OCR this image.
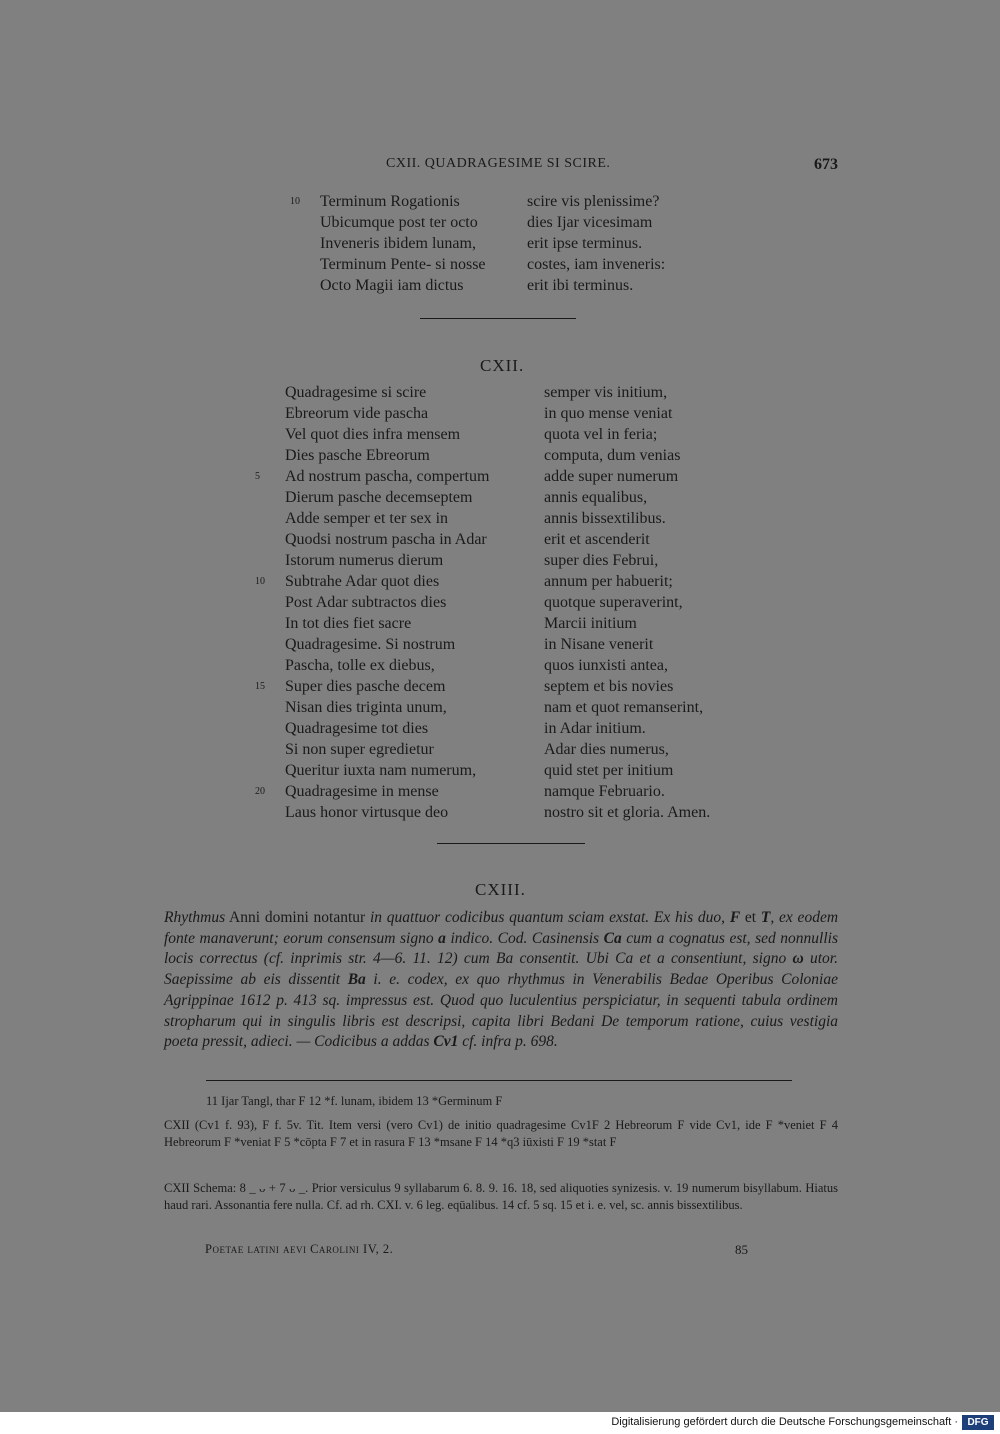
CXII. QUADRAGESIME SI SCIRE.	673
10 Terminum Rogationis	scire vis plenissime?
Ubicumque post ter octo	dies Ijar vicesimam
Inveneris ibidem lunam,	erit ipse terminus.
Terminum Pente- si nosse	costes, iam inveneris:
Octo Magii iam dictus	erit ibi terminus.
CXII.
Quadragesime si scire	semper vis initium,
Ebreorum vide pascha	in quo mense veniat
Vel quot dies infra mensem	quota vel in feria;
Dies pasche Ebreorum	computa, dum venias
5 Ad nostrum pascha, compertum	adde super numerum
Dierum pasche decemseptem	annis equalibus,
Adde semper et ter sex in	annis bissextilibus.
Quodsi nostrum pascha in Adar	erit et ascenderit
Istorum numerus dierum	super dies Februi,
10 Subtrahe Adar quot dies	annum per habuerit;
Post Adar subtractos dies	quotque superaverint,
In tot dies fiet sacre	Marcii initium
Quadragesime. Si nostrum	in Nisane venerit
Pascha, tolle ex diebus,	quos iunxisti antea,
15 Super dies pasche decem	septem et bis novies
Nisan dies triginta unum,	nam et quot remanserint,
Quadragesime tot dies	in Adar initium.
Si non super egredietur	Adar dies numerus,
Queritur iuxta nam numerum,	quid stet per initium
20 Quadragesime in mense	namque Februario.
Laus honor virtusque deo	nostro sit et gloria. Amen.
CXIII.
Rhythmus Anni domini notantur in quattuor codicibus quantum sciam exstat. Ex his duo, F et T, ex eodem fonte manaverunt; eorum consensum signo a indico. Cod. Casinensis Ca cum a cognatus est, sed nonnullis locis correctus (cf. inprimis str. 4—6. 11. 12) cum Ba consentit. Ubi Ca et a consentiunt, signo ω utor. Saepissime ab eis dissentit Ba i. e. codex, ex quo rhythmus in Venerabilis Bedae Operibus Coloniae Agrippinae 1612 p. 413 sq. impressus est. Quod quo luculentius perspiciatur, in sequenti tabula ordinem stropharum qui in singulis libris est descripsi, capita libri Bedani De temporum ratione, cuius vestigia poeta pressit, adieci. — Codicibus a addas Cv1 cf. infra p. 698.
11 Ijar Tangl, thar F 12 *f. lunam, ibidem 13 *Germinum F
CXII (Cv1 f. 93), F f. 5v. Tit. Item versi (vero Cv1) de initio quadragesime Cv1F 2 Hebreorum F vide Cv1, ide F *veniet F 4 Hebreorum F *veniat F 5 *cōpta F 7 et in rasura F 13 *msane F 14 *q3 iūxisti F 19 *stat F
CXII Schema: 8 _ ᴗ + 7 ᴗ _. Prior versiculus 9 syllabarum 6. 8. 9. 16. 18, sed aliquoties synizesis. v. 19 numerum bisyllabum. Hiatus haud rari. Assonantia fere nulla. Cf. ad rh. CXI. v. 6 leg. eqūalibus. 14 cf. 5 sq. 15 et i. e. vel, sc. annis bissextilibus.
Poetae latini aevi Carolini IV, 2.	85
Digitalisierung gefördert durch die Deutsche Forschungsgemeinschaft · DFG
